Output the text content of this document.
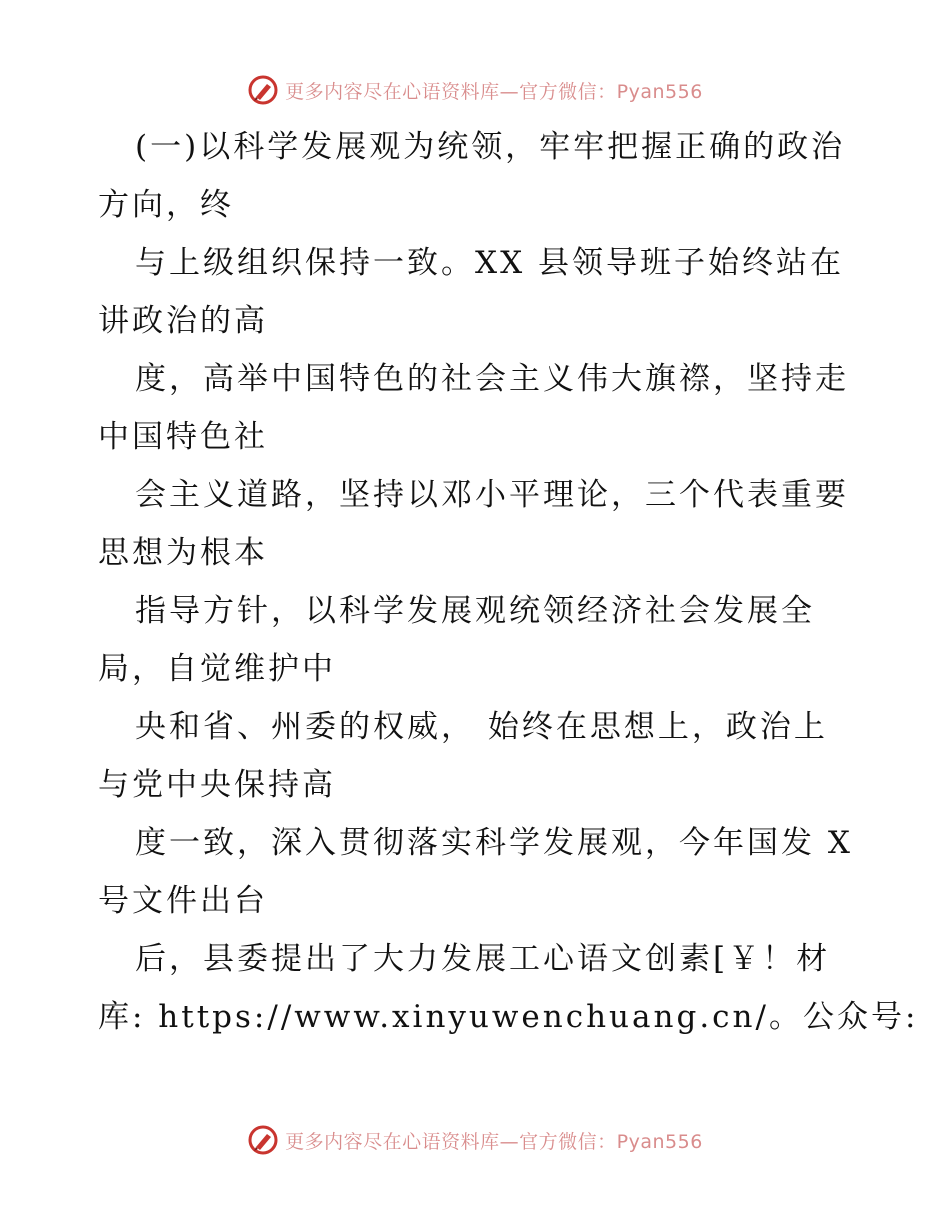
更多内容尽在心语资料库—官方微信：Pyan556

(一)以科学发展观为统领，牢牢把握正确的政治

方向，终

与上级组织保持一致。XX 县领导班子始终站在

讲政治的高

度，高举中国特色的社会主义伟大旗䄞，坚持走

中国特色社

会主义道路，坚持以邓小平理论，三个代表重要

思想为根本

指导方针，以科学发展观统领经济社会发展全

局，自觉维护中

央和省、州委的权威， 始终在思想上，政治上

与党中央保持高

度一致，深入贯彻落实科学发展观，今年国发 X

号文件出台

后，县委提出了大力发展工心语文创素[￥！材

库: https://www.xinyuwenchuang.cn/。公众号:

更多内容尽在心语资料库—官方微信：Pyan556
